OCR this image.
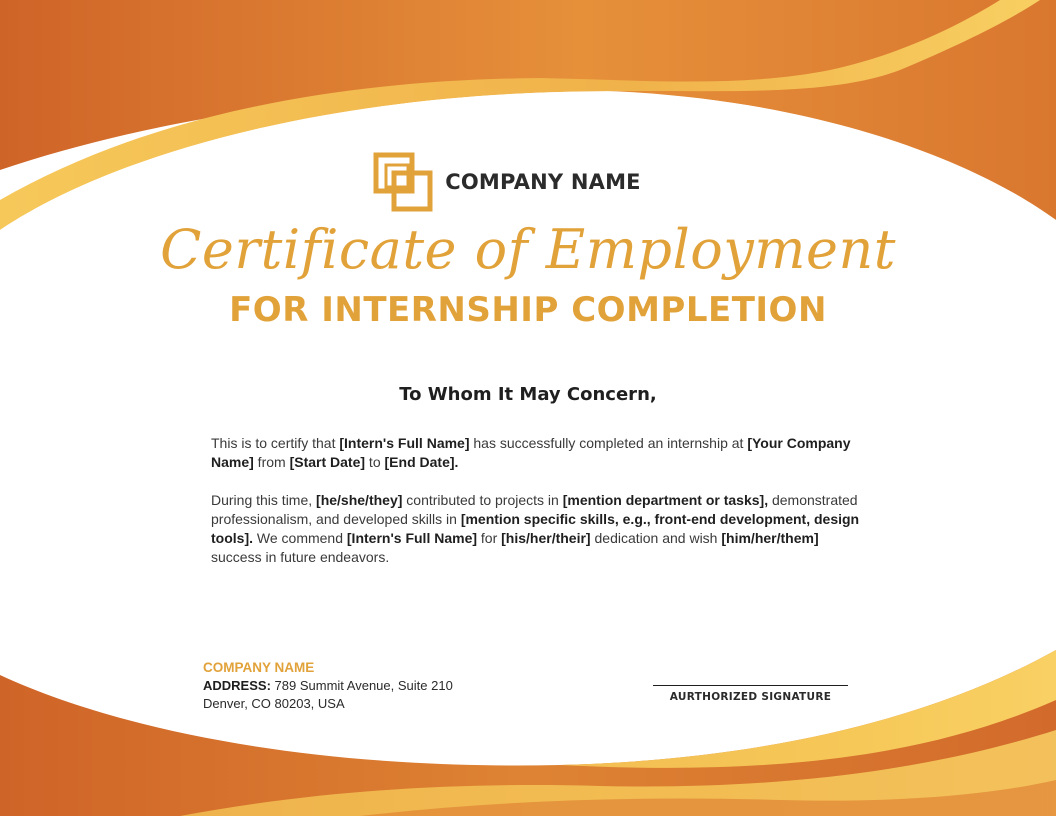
COMPANY NAME
Certificate of Employment
FOR INTERNSHIP COMPLETION
To Whom It May Concern,
This is to certify that [Intern's Full Name] has successfully completed an internship at [Your Company Name] from [Start Date] to [End Date].
During this time, [he/she/they] contributed to projects in [mention department or tasks], demonstrated professionalism, and developed skills in [mention specific skills, e.g., front-end development, design tools]. We commend [Intern's Full Name] for [his/her/their] dedication and wish [him/her/them] success in future endeavors.
COMPANY NAME
ADDRESS: 789 Summit Avenue, Suite 210
Denver, CO 80203, USA	AURTHORIZED SIGNATURE
